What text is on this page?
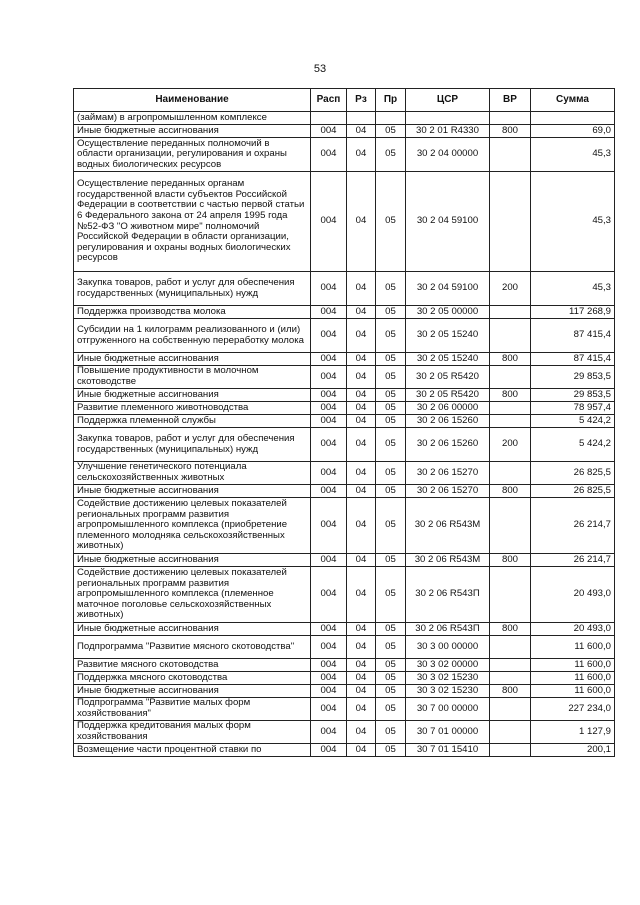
53
Наименование	Расп	Рз	Пр	ЦСР	ВР	Сумма
(займам) в агропромышленном комплексе						
Иные бюджетные ассигнования	004	04	05	30 2 01 R4330	800	69,0
Осуществление переданных полномочий в области организации, регулирования и охраны водных биологических ресурсов	004	04	05	30 2 04 00000		45,3
Осуществление переданных органам государственной власти субъектов Российской Федерации в соответствии с частью первой статьи 6 Федерального закона от 24 апреля 1995 года №52-ФЗ "О животном мире" полномочий Российской Федерации в области организации, регулирования и охраны водных биологических ресурсов	004	04	05	30 2 04 59100		45,3
Закупка товаров, работ и услуг для обеспечения государственных (муниципальных) нужд	004	04	05	30 2 04 59100	200	45,3
Поддержка производства молока	004	04	05	30 2 05 00000		117 268,9
Субсидии на 1 килограмм реализованного и (или) отгруженного на собственную переработку молока	004	04	05	30 2 05 15240		87 415,4
Иные бюджетные ассигнования	004	04	05	30 2 05 15240	800	87 415,4
Повышение продуктивности в молочном скотоводстве	004	04	05	30 2 05 R5420		29 853,5
Иные бюджетные ассигнования	004	04	05	30 2 05 R5420	800	29 853,5
Развитие племенного животноводства	004	04	05	30 2 06 00000		78 957,4
Поддержка племенной службы	004	04	05	30 2 06 15260		5 424,2
Закупка товаров, работ и услуг для обеспечения государственных (муниципальных) нужд	004	04	05	30 2 06 15260	200	5 424,2
Улучшение генетического потенциала сельскохозяйственных животных	004	04	05	30 2 06 15270		26 825,5
Иные бюджетные ассигнования	004	04	05	30 2 06 15270	800	26 825,5
Содействие достижению целевых показателей региональных программ развития агропромышленного комплекса (приобретение племенного молодняка сельскохозяйственных животных)	004	04	05	30 2 06 R543М		26 214,7
Иные бюджетные ассигнования	004	04	05	30 2 06 R543М	800	26 214,7
Содействие достижению целевых показателей региональных программ развития агропромышленного комплекса (племенное маточное поголовье сельскохозяйственных животных)	004	04	05	30 2 06 R543П		20 493,0
Иные бюджетные ассигнования	004	04	05	30 2 06 R543П	800	20 493,0
Подпрограмма "Развитие мясного скотоводства"	004	04	05	30 3 00 00000		11 600,0
Развитие мясного скотоводства	004	04	05	30 3 02 00000		11 600,0
Поддержка мясного скотоводства	004	04	05	30 3 02 15230		11 600,0
Иные бюджетные ассигнования	004	04	05	30 3 02 15230	800	11 600,0
Подпрограмма "Развитие малых форм хозяйствования"	004	04	05	30 7 00 00000		227 234,0
Поддержка кредитования малых форм хозяйствования	004	04	05	30 7 01 00000		1 127,9
Возмещение части процентной ставки по	004	04	05	30 7 01 15410		200,1
